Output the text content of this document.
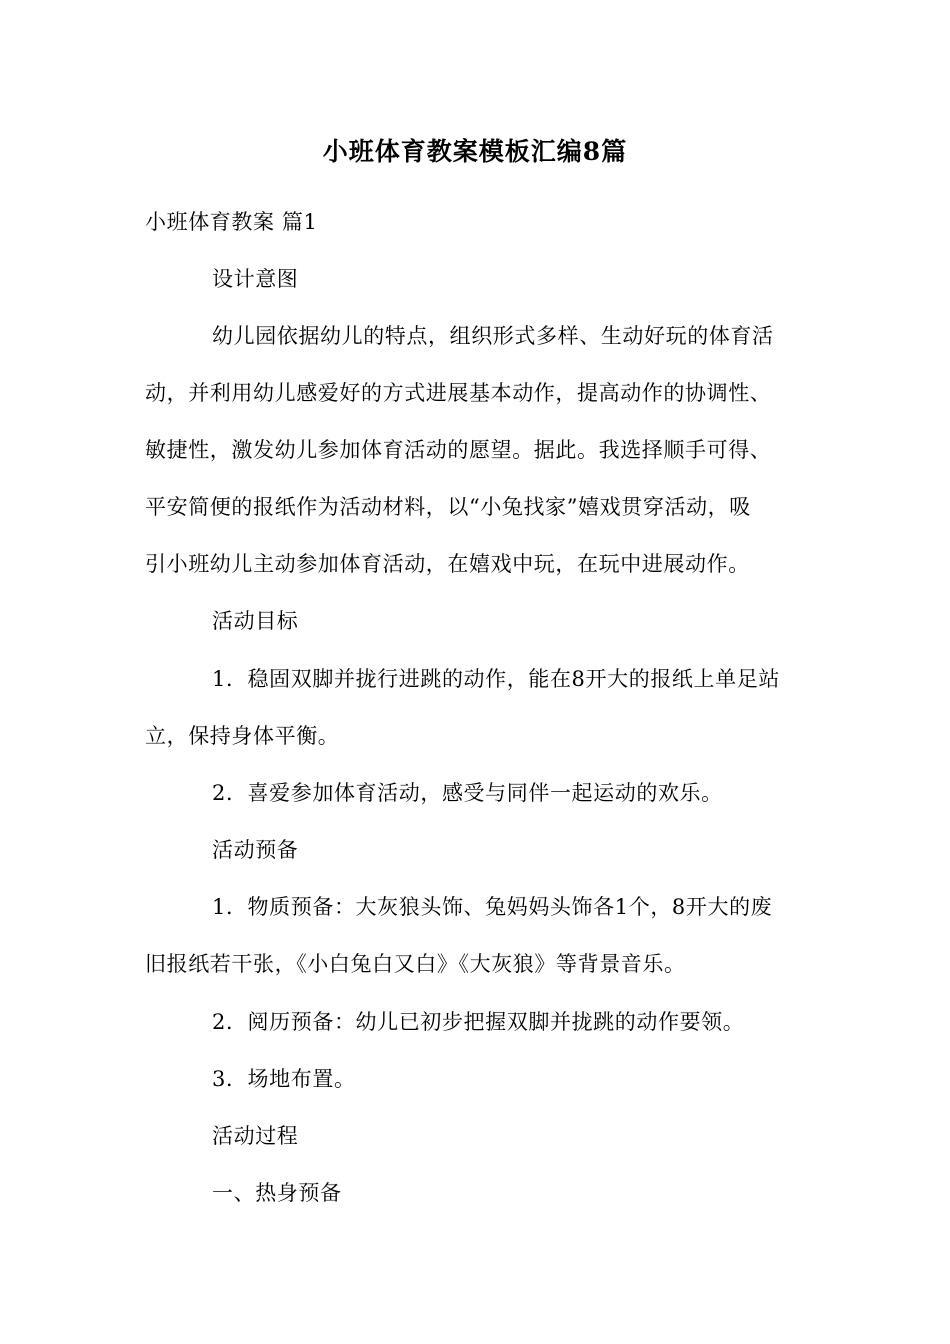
小班体育教案模板汇编8篇
小班体育教案 篇1
设计意图
幼儿园依据幼儿的特点，组织形式多样、生动好玩的体育活
动，并利用幼儿感爱好的方式进展基本动作，提高动作的协调性、
敏捷性，激发幼儿参加体育活动的愿望。据此。我选择顺手可得、
平安简便的报纸作为活动材料，以“小兔找家”嬉戏贯穿活动，吸
引小班幼儿主动参加体育活动，在嬉戏中玩，在玩中进展动作。
活动目标
1．稳固双脚并拢行进跳的动作，能在8开大的报纸上单足站
立，保持身体平衡。
2．喜爱参加体育活动，感受与同伴一起运动的欢乐。
活动预备
1．物质预备：大灰狼头饰、兔妈妈头饰各1个，8开大的废
旧报纸若干张，《小白兔白又白》《大灰狼》等背景音乐。
2．阅历预备：幼儿已初步把握双脚并拢跳的动作要领。
3．场地布置。
活动过程
一、热身预备
